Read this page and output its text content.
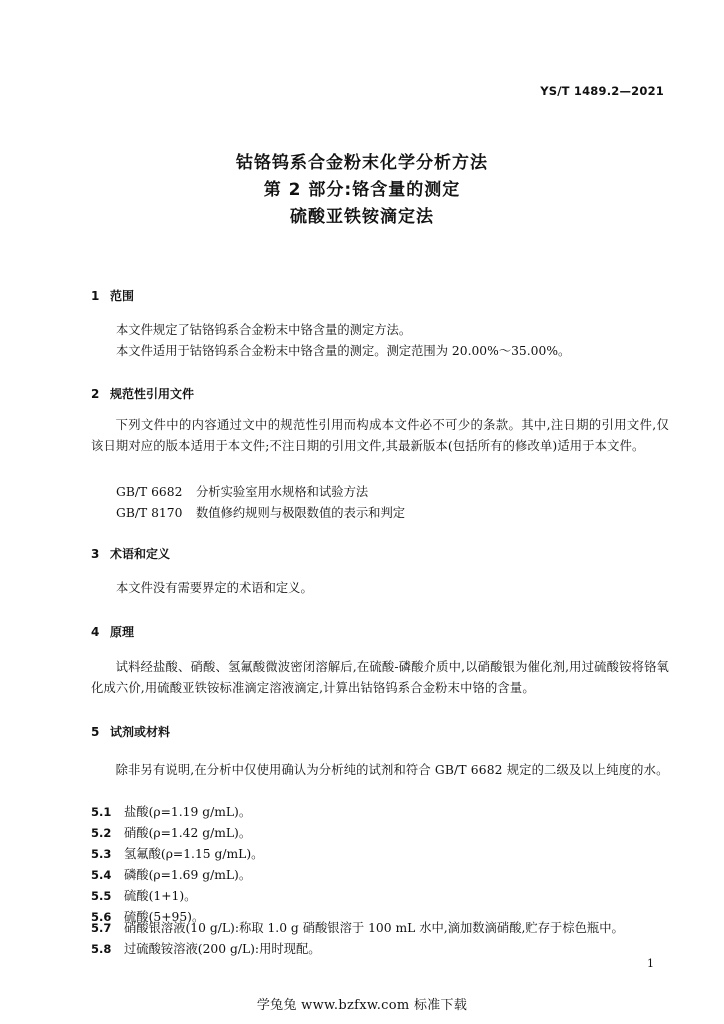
YS/T 1489.2—2021
钴铬钨系合金粉末化学分析方法
第 2 部分:铬含量的测定
硫酸亚铁铵滴定法
1 范围
本文件规定了钴铬钨系合金粉末中铬含量的测定方法。
本文件适用于钴铬钨系合金粉末中铬含量的测定。测定范围为 20.00%～35.00%。
2 规范性引用文件
下列文件中的内容通过文中的规范性引用而构成本文件必不可少的条款。其中,注日期的引用文件,仅该日期对应的版本适用于本文件;不注日期的引用文件,其最新版本(包括所有的修改单)适用于本文件。
GB/T 6682 分析实验室用水规格和试验方法
GB/T 8170 数值修约规则与极限数值的表示和判定
3 术语和定义
本文件没有需要界定的术语和定义。
4 原理
试料经盐酸、硝酸、氢氟酸微波密闭溶解后,在硫酸-磷酸介质中,以硝酸银为催化剂,用过硫酸铵将铬氧化成六价,用硫酸亚铁铵标准滴定溶液滴定,计算出钴铬钨系合金粉末中铬的含量。
5 试剂或材料
除非另有说明,在分析中仅使用确认为分析纯的试剂和符合 GB/T 6682 规定的二级及以上纯度的水。
5.1 盐酸(ρ=1.19 g/mL)。
5.2 硝酸(ρ=1.42 g/mL)。
5.3 氢氟酸(ρ=1.15 g/mL)。
5.4 磷酸(ρ=1.69 g/mL)。
5.5 硫酸(1+1)。
5.6 硫酸(5+95)。
5.7 硝酸银溶液(10 g/L):称取 1.0 g 硝酸银溶于 100 mL 水中,滴加数滴硝酸,贮存于棕色瓶中。
5.8 过硫酸铵溶液(200 g/L):用时现配。
1
学兔兔 www.bzfxw.com 标准下载
